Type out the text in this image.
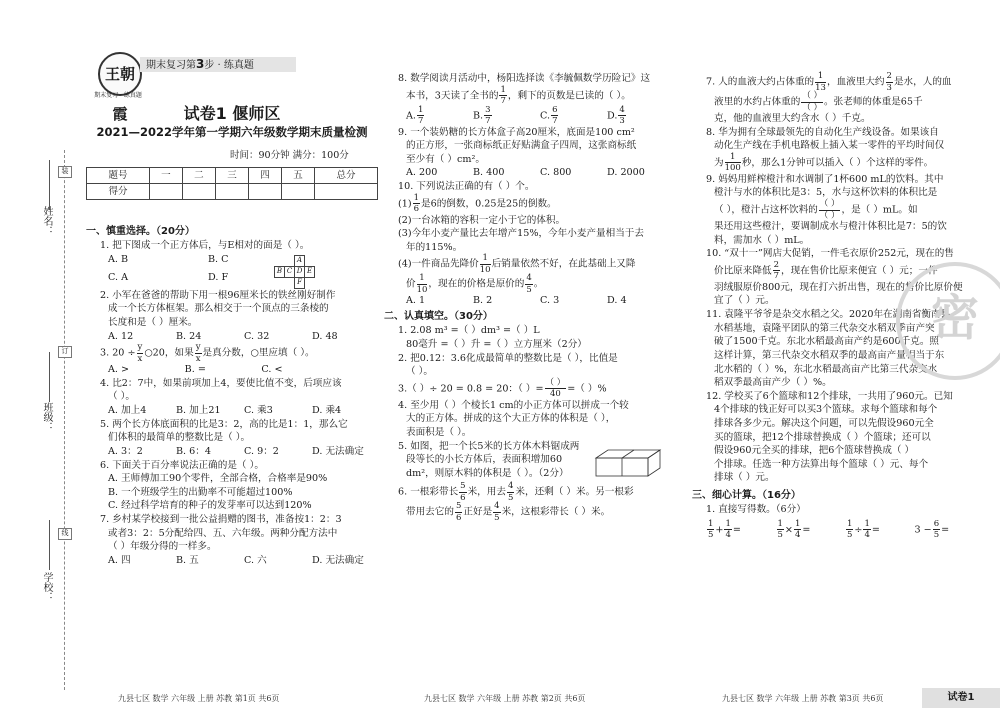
姓名：
班级：
学校：
装
订
线
王朝霞
期末复习 · 练真题
期末复习第3步 · 练真题
试卷1 偃师区
2021—2022学年第一学期六年级数学期末质量检测
时间：90分钟 满分：100分
题号	一	二	三	四	五	总分
得分						
一、慎重选择。（20分）
1. 把下图成一个正方体后，与E相对的面是（ ）。
A. B	B. C
C. A	D. F
		A	
B	C	D	E
		F	
2. 小军在爸爸的帮助下用一根96厘米长的铁丝刚好制作
成一个长方体框架。那么相交于一个顶点的三条棱的
长度和是（ ）厘米。
A. 12	B. 24	C. 32	D. 48
3. $20 \div \frac{y}{x}$ ○20，如果 $\frac{y}{x}$ 是真分数，○里应填（ ）。
A. >	B. =	C. <
4. 比2：7中，如果前项加上4，要使比值不变，后项应该
（ ）。
A. 加上4	B. 加上21	C. 乘3	D. 乘4
5. 两个长方体底面积的比是3：2，高的比是1：1，那么它
们体积的最简单的整数比是（ ）。
A. 3：2	B. 6：4	C. 9：2	D. 无法确定
6. 下面关于百分率说法正确的是（ ）。
A. 王师傅加工90个零件，全部合格，合格率是90%
B. 一个班级学生的出勤率不可能超过100%
C. 经过科学培育的种子的发芽率可以达到120%
7. 乡村某学校接到一批公益捐赠的图书，准备按1：2：3
或者3：2：5分配给四、五、六年级。两种分配方法中
（ ）年级分得的一样多。
A. 四	B. 五	C. 六	D. 无法确定
8. 数学阅读月活动中，杨阳选择读《李毓佩数学历险记》这
本书，3天读了全书的 $\frac{1}{7}$ ，剩下的页数是已读的（ ）。
A. $\frac{1}{7}$	B. $\frac{3}{7}$	C. $\frac{6}{7}$	D. $\frac{4}{3}$
9. 一个装奶糖的长方体盒子高20厘米，底面是100 cm²
的正方形，一张商标纸正好贴满盒子四周，这张商标纸
至少有（ ）cm²。
A. 200	B. 400	C. 800	D. 2000
10. 下列说法正确的有（ ）个。
$(1) \frac{1}{6}$ 是6的倒数，0.25是25的倒数。
(2)一台冰箱的容积一定小于它的体积。
(3)今年小麦产量比去年增产15%，今年小麦产量相当于去
年的115%。
(4)一件商品先降价 $\frac{1}{10}$ 后销量依然不好，在此基础上又降
价 $\frac{1}{10}$ ，现在的价格是原价的 $\frac{4}{5}$ 。
A. 1	B. 2	C. 3	D. 4
二、认真填空。（30分）
1. 2.08 m³ =（ ）dm³ =（ ）L
80毫升 =（ ）升 =（ ）立方厘米（2分）
2. 把0.12：3.6化成最简单的整数比是（ ），比值是
（ ）。
3.（ ）÷ 20 = 0.8 = 20：（ ）= $\frac{( )}{40}$ =（ ）%
4. 至少用（ ）个棱长1 cm的小正方体可以拼成一个较
大的正方体。拼成的这个大正方体的体积是（ ），
表面积是（ ）。
5. 如图，把一个长5米的长方体木料锯成两
段等长的小长方体后，表面积增加60
dm²，则原木料的体积是（ ）。（2分）
6. 一根彩带长 $\frac{5}{6}$ 米，用去 $\frac{4}{5}$ 米，还剩（ ）米。另一根彩
带用去它的 $\frac{5}{6}$ 正好是 $\frac{4}{5}$ 米，这根彩带长（ ）米。
7. 人的血液大约占体重的 $\frac{1}{13}$ ，血液里大约 $\frac{2}{3}$ 是水，人的血
液里的水约占体重的 $\frac{( )}{( )}$ 。张老师的体重是65千
克，他的血液里大约含水（ ）千克。
8. 华为拥有全球最领先的自动化生产线设备。如果该自
动化生产线在手机电路板上插入某一零件的平均时间仅
为 $\frac{1}{100}$ 秒，那么1分钟可以插入（ ）个这样的零件。
9. 妈妈用鲜榨橙汁和水调制了1杯600 mL的饮料。其中
橙汁与水的体积比是3：5，水与这杯饮料的体积比是
（ ），橙汁占这杯饮料的 $\frac{( )}{( )}$ ，是（ ）mL。如
果还用这些橙汁，要调制成水与橙汁体积比是7：5的饮
料，需加水（ ）mL。
10. “双十一”网店大促销，一件毛衣原价252元，现在的售
价比原来降低 $\frac{2}{7}$ ，现在售价比原来便宜（ ）元；一件
羽绒服原价800元，现在打六折出售，现在的售价比原价便
宜了（ ）元。
11. 袁隆平爷爷是杂交水稻之父。2020年在湖南省衡南县
水稻基地，袁隆平团队的第三代杂交水稻双季亩产突
破了1500千克。东北水稻最高亩产约是600千克。照
这样计算，第三代杂交水稻双季的最高亩产量相当于东
北水稻的（ ）%，东北水稻最高亩产比第三代杂交水
稻双季最高亩产少（ ）%。
12. 学校买了6个篮球和12个排球，一共用了960元。已知
4个排球的钱正好可以买3个篮球。求每个篮球和每个
排球各多少元。解决这个问题，可以先假设960元全
买的篮球，把12个排球替换成（ ）个篮球；还可以
假设960元全买的排球，把6个篮球替换成（ ）
个排球。任选一种方法算出每个篮球（ ）元、每个
排球（ ）元。
三、细心计算。（16分）
1. 直接写得数。（6分）
$\frac{1}{5} + \frac{1}{4}$ =	$\frac{1}{5} \times \frac{1}{4}$ =	$\frac{1}{5} \div \frac{1}{4}$ =	$3 - \frac{6}{5}$ =
密
九县七区 数学 六年级 上册 苏教 第1页 共6页	九县七区 数学 六年级 上册 苏教 第2页 共6页	九县七区 数学 六年级 上册 苏教 第3页 共6页	试卷1
